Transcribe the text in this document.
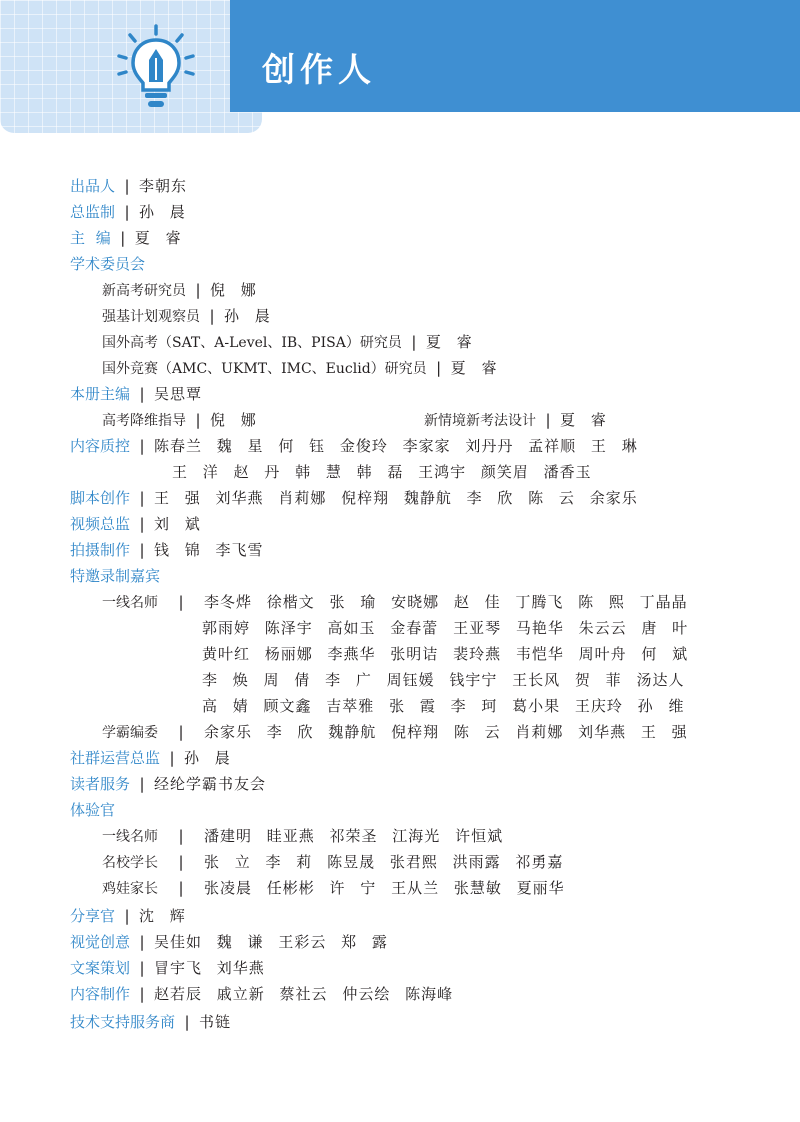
创作人
出品人 | 李朝东
总监制 | 孙 晨
主 编 | 夏 睿
学术委员会
新高考研究员 | 倪 娜
强基计划观察员 | 孙 晨
国外高考（SAT、A-Level、IB、PISA）研究员 | 夏 睿
国外竞赛（AMC、UKMT、IMC、Euclid）研究员 | 夏 睿
本册主编 | 吴思覃
高考降维指导 | 倪 娜	新情境新考法设计 | 夏 睿
内容质控 | 陈春兰 魏 星 何 钰 金俊玲 李家家 刘丹丹 孟祥顺 王 琳
王 洋 赵 丹 韩 慧 韩 磊 王鸿宇 颜笑眉 潘香玉
脚本创作 | 王 强 刘华燕 肖莉娜 倪梓翔 魏静航 李 欣 陈 云 余家乐
视频总监 | 刘 斌
拍摄制作 | 钱 锦 李飞雪
特邀录制嘉宾
一线名师 | 李冬烨 徐楷文 张 瑜 安晓娜 赵 佳 丁腾飞 陈 熙 丁晶晶
郭雨婷 陈泽宇 高如玉 金春蕾 王亚琴 马艳华 朱云云 唐 叶
黄叶红 杨丽娜 李燕华 张明诘 裴玲燕 韦恺华 周叶舟 何 斌
李 焕 周 倩 李 广 周钰媛 钱宇宁 王长风 贺 菲 汤达人
高 婧 顾文鑫 吉萃雅 张 霞 李 珂 葛小果 王庆玲 孙 维
学霸编委 | 余家乐 李 欣 魏静航 倪梓翔 陈 云 肖莉娜 刘华燕 王 强
社群运营总监 | 孙 晨
读者服务 | 经纶学霸书友会
体验官
一线名师 | 潘建明 眭亚燕 祁荣圣 江海光 许恒斌
名校学长 | 张 立 李 莉 陈昱晟 张君熙 洪雨露 祁勇嘉
鸡娃家长 | 张凌晨 任彬彬 许 宁 王从兰 张慧敏 夏丽华
分享官 | 沈 辉
视觉创意 | 吴佳如 魏 谦 王彩云 郑 露
文案策划 | 冒宇飞 刘华燕
内容制作 | 赵若辰 戚立新 蔡社云 仲云绘 陈海峰
技术支持服务商 | 书链
